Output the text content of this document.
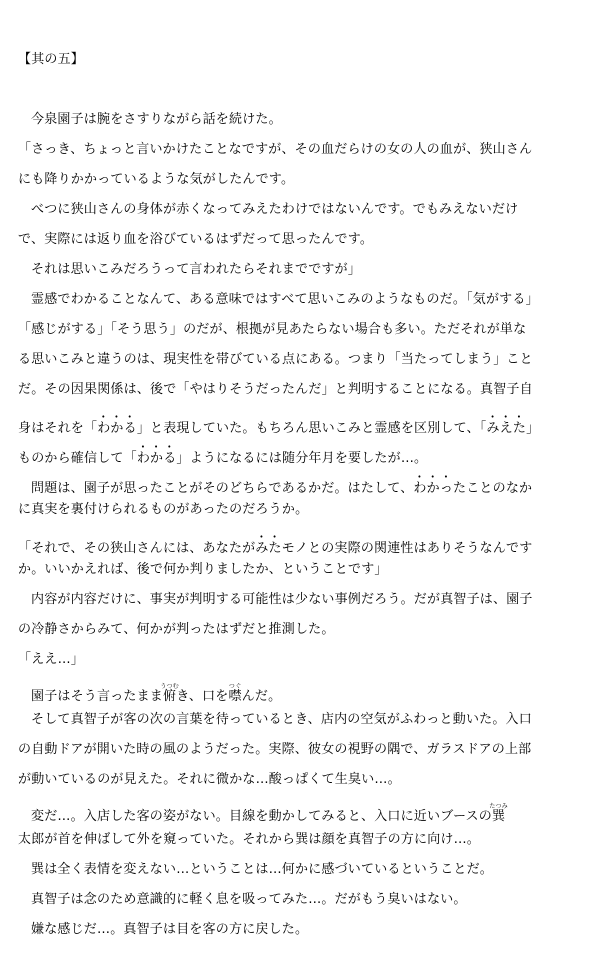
【其の五】
今泉園子は腕をさすりながら話を続けた。
「さっき、ちょっと言いかけたことなですが、その血だらけの女の人の血が、狭山さん
にも降りかかっているような気がしたんです。
べつに狭山さんの身体が赤くなってみえたわけではないんです。でもみえないだけ
で、実際には返り血を浴びているはずだって思ったんです。
それは思いこみだろうって言われたらそれまでですが」
霊感でわかることなんて、ある意味ではすべて思いこみのようなものだ。「気がする」
「感じがする」「そう思う」のだが、根拠が見あたらない場合も多い。ただそれが単な
る思いこみと違うのは、現実性を帯びている点にある。つまり「当たってしまう」こと
だ。その因果関係は、後で「やはりそうだったんだ」と判明することになる。真智子自
身はそれを「わかる」と表現していた。もちろん思いこみと霊感を区別して、「みえた」
ものから確信して「わかる」ようになるには随分年月を要したが…。
問題は、園子が思ったことがそのどちらであるかだ。はたして、わかったことのなか
に真実を裏付けられるものがあったのだろうか。
「それで、その狭山さんには、あなたがみたモノとの実際の関連性はありそうなんです
か。いいかえれば、後で何か判りましたか、ということです」
内容が内容だけに、事実が判明する可能性は少ない事例だろう。だが真智子は、園子
の冷静さからみて、何かが判ったはずだと推測した。
「ええ…」
園子はそう言ったまま俯うつむき、口を噤つぐんだ。
そして真智子が客の次の言葉を待っているとき、店内の空気がふわっと動いた。入口
の自動ドアが開いた時の風のようだった。実際、彼女の視野の隅で、ガラスドアの上部
が動いているのが見えた。それに微かな…酸っぱくて生臭い…。
変だ…。入店した客の姿がない。目線を動かしてみると、入口に近いブースの巽たつみ
太郎が首を伸ばして外を窺っていた。それから巽は顔を真智子の方に向け…。
巽は全く表情を変えない…ということは…何かに感づいているということだ。
真智子は念のため意識的に軽く息を吸ってみた…。だがもう臭いはない。
嫌な感じだ…。真智子は目を客の方に戻した。
